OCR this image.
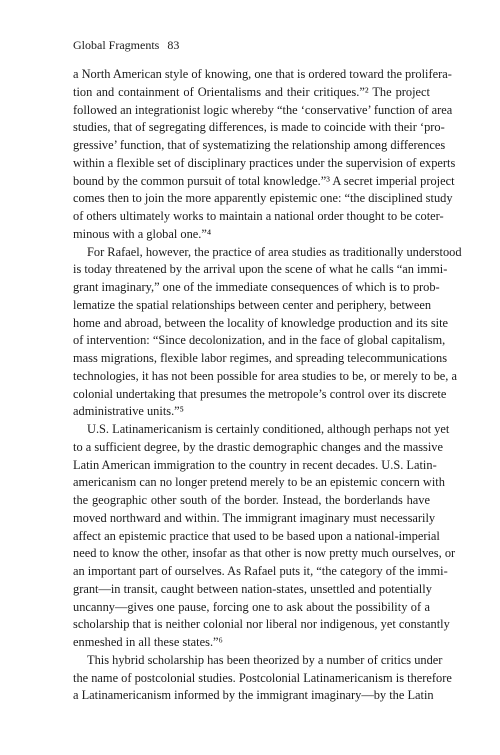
Global Fragments 83
a North American style of knowing, one that is ordered toward the prolifera-
tion and containment of Orientalisms and their critiques.”² The project
followed an integrationist logic whereby “the ‘conservative’ function of area
studies, that of segregating differences, is made to coincide with their ‘pro-
gressive’ function, that of systematizing the relationship among differences
within a flexible set of disciplinary practices under the supervision of experts
bound by the common pursuit of total knowledge.”³ A secret imperial project
comes then to join the more apparently epistemic one: “the disciplined study
of others ultimately works to maintain a national order thought to be coter-
minous with a global one.”⁴
For Rafael, however, the practice of area studies as traditionally understood
is today threatened by the arrival upon the scene of what he calls “an immi-
grant imaginary,” one of the immediate consequences of which is to prob-
lematize the spatial relationships between center and periphery, between
home and abroad, between the locality of knowledge production and its site
of intervention: “Since decolonization, and in the face of global capitalism,
mass migrations, flexible labor regimes, and spreading telecommunications
technologies, it has not been possible for area studies to be, or merely to be, a
colonial undertaking that presumes the metropole’s control over its discrete
administrative units.”⁵
U.S. Latinamericanism is certainly conditioned, although perhaps not yet
to a sufficient degree, by the drastic demographic changes and the massive
Latin American immigration to the country in recent decades. U.S. Latin-
americanism can no longer pretend merely to be an epistemic concern with
the geographic other south of the border. Instead, the borderlands have
moved northward and within. The immigrant imaginary must necessarily
affect an epistemic practice that used to be based upon a national-imperial
need to know the other, insofar as that other is now pretty much ourselves, or
an important part of ourselves. As Rafael puts it, “the category of the immi-
grant—in transit, caught between nation-states, unsettled and potentially
uncanny—gives one pause, forcing one to ask about the possibility of a
scholarship that is neither colonial nor liberal nor indigenous, yet constantly
enmeshed in all these states.”⁶
This hybrid scholarship has been theorized by a number of critics under
the name of postcolonial studies. Postcolonial Latinamericanism is therefore
a Latinamericanism informed by the immigrant imaginary—by the Latin
